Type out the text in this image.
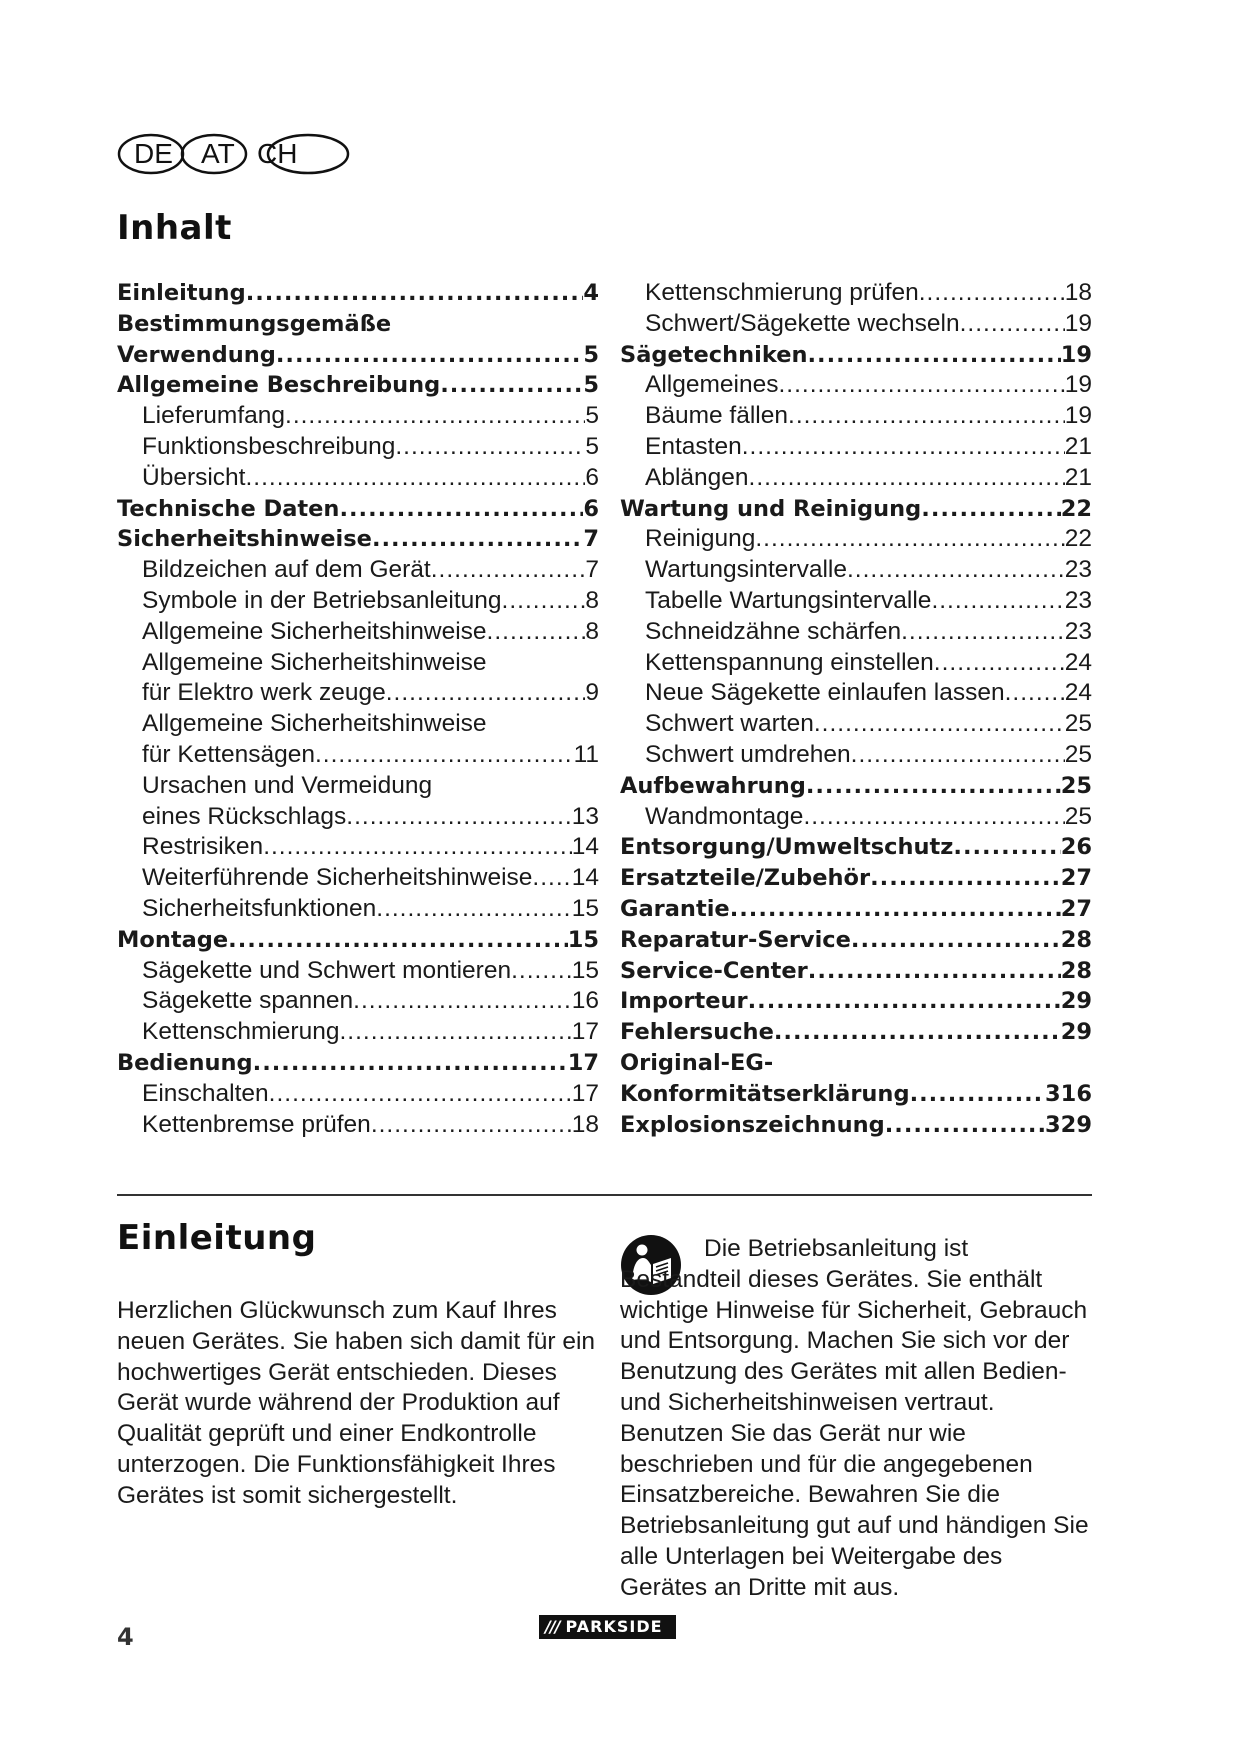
DE AT CH
Inhalt
Einleitung .....	4
Bestimmungsgemäße
Verwendung .....	5
Allgemeine Beschreibung .....	5
Lieferumfang .....	5
Funktionsbeschreibung .....	5
Übersicht .....	6
Technische Daten .....	6
Sicherheitshinweise .....	7
Bildzeichen auf dem Gerät .....	7
Symbole in der Betriebsanleitung .....	8
Allgemeine Sicherheitshinweise .....	8
Allgemeine Sicherheitshinweise
für Elektro werk zeuge .....	9
Allgemeine Sicherheitshinweise
für Kettensägen .....	11
Ursachen und Vermeidung
eines Rückschlags .....	13
Restrisiken .....	14
Weiterführende Sicherheitshinweise ..... 14
Sicherheitsfunktionen .....	15
Montage .....	15
Sägekette und Schwert montieren ..... 15
Sägekette spannen .....	16
Kettenschmierung .....	17
Bedienung .....	17
Einschalten .....	17
Kettenbremse prüfen .....	18
Kettenschmierung prüfen .....	18
Schwert/Sägekette wechseln .....	19
Sägetechniken .....	19
Allgemeines .....	19
Bäume fällen .....	19
Entasten .....	21
Ablängen .....	21
Wartung und Reinigung .....	22
Reinigung .....	22
Wartungsintervalle .....	23
Tabelle Wartungsintervalle .....	23
Schneidzähne schärfen .....	23
Kettenspannung einstellen .....	24
Neue Sägekette einlaufen lassen ..... 24
Schwert warten .....	25
Schwert umdrehen .....	25
Aufbewahrung .....	25
Wandmontage .....	25
Entsorgung/Umweltschutz .....	26
Ersatzteile/Zubehör .....	27
Garantie .....	27
Reparatur-Service .....	28
Service-Center .....	28
Importeur .....	29
Fehlersuche .....	29
Original-EG-
Konformitätserklärung .....	316
Explosionszeichnung .....	329
Einleitung

Herzlichen Glückwunsch zum Kauf Ihres neuen Gerätes. Sie haben sich damit für ein hochwertiges Gerät entschieden. Dieses Gerät wurde während der Produktion auf Qualität geprüft und einer Endkontrolle unterzogen. Die Funktionsfähigkeit Ihres Gerätes ist somit sichergestellt.

Die Betriebsanleitung ist Bestandteil dieses Gerätes. Sie enthält wichtige Hinweise für Sicherheit, Gebrauch und Entsorgung. Machen Sie sich vor der Benutzung des Gerätes mit allen Bedien- und Sicherheitshinweisen vertraut. Benutzen Sie das Gerät nur wie beschrieben und für die angegebenen Einsatzbereiche. Bewahren Sie die Betriebsanleitung gut auf und händigen Sie alle Unterlagen bei Weitergabe des Gerätes an Dritte mit aus.

4	/// PARKSIDE
